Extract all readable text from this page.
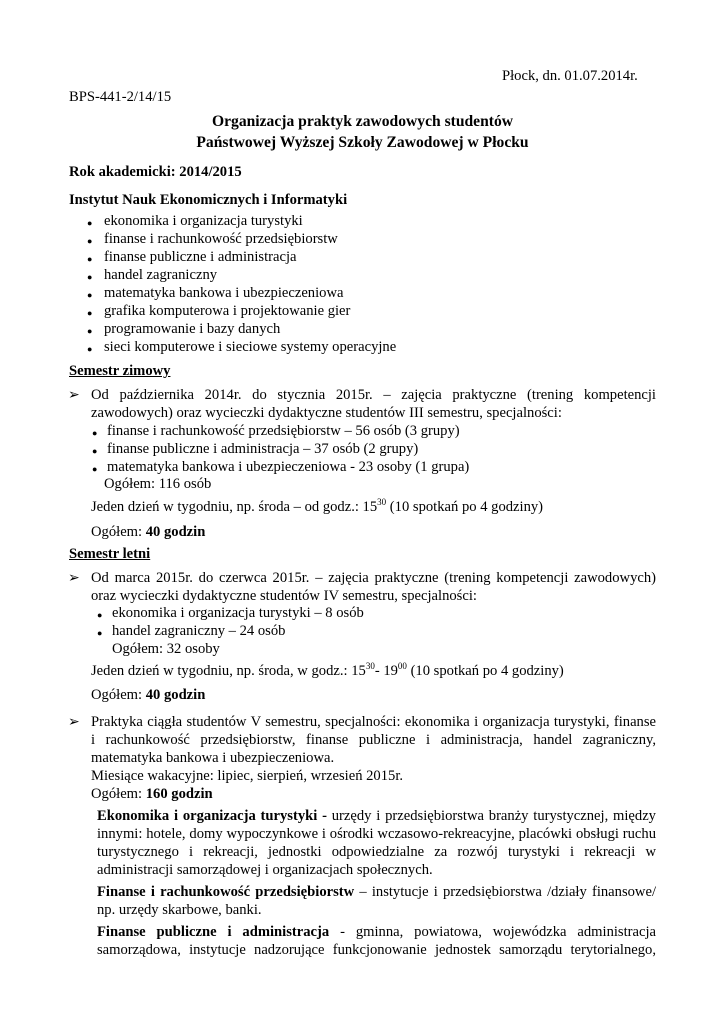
Płock, dn. 01.07.2014r.
BPS-441-2/14/15
Organizacja praktyk zawodowych studentów
Państwowej Wyższej Szkoły Zawodowej w Płocku
Rok akademicki: 2014/2015
Instytut Nauk Ekonomicznych i Informatyki
● ekonomika i organizacja turystyki
● finanse i rachunkowość przedsiębiorstw
● finanse publiczne i administracja
● handel zagraniczny
● matematyka bankowa i ubezpieczeniowa
● grafika komputerowa i projektowanie gier
● programowanie i bazy danych
● sieci komputerowe i sieciowe systemy operacyjne
Semestr zimowy
➢ Od października 2014r. do stycznia 2015r. – zajęcia praktyczne (trening kompetencji
zawodowych) oraz wycieczki dydaktyczne studentów III semestru, specjalności:
● finanse i rachunkowość przedsiębiorstw – 56 osób (3 grupy)
● finanse publiczne i administracja – 37 osób (2 grupy)
● matematyka bankowa i ubezpieczeniowa - 23 osoby (1 grupa)
Ogółem: 116 osób
Jeden dzień w tygodniu, np. środa – od godz.: $15^{30}$ (10 spotkań po 4 godziny)
Ogółem: 40 godzin
Semestr letni
➢ Od marca 2015r. do czerwca 2015r. – zajęcia praktyczne (trening kompetencji zawodowych)
oraz wycieczki dydaktyczne studentów IV semestru, specjalności:
● ekonomika i organizacja turystyki – 8 osób
● handel zagraniczny – 24 osób
Ogółem: 32 osoby
Jeden dzień w tygodniu, np. środa, w godz.: $15^{30}-$ $19^{00}$ (10 spotkań po 4 godziny)
Ogółem: 40 godzin
➢ Praktyka ciągła studentów V semestru, specjalności: ekonomika i organizacja turystyki, finanse
i rachunkowość przedsiębiorstw, finanse publiczne i administracja, handel zagraniczny,
matematyka bankowa i ubezpieczeniowa.
Miesiące wakacyjne: lipiec, sierpień, wrzesień 2015r.
Ogółem: 160 godzin
Ekonomika i organizacja turystyki - urzędy i przedsiębiorstwa branży turystycznej, między
innymi: hotele, domy wypoczynkowe i ośrodki wczasowo-rekreacyjne, placówki obsługi ruchu
turystycznego i rekreacji, jednostki odpowiedzialne za rozwój turystyki i rekreacji w
administracji samorządowej i organizacjach społecznych.
Finanse i rachunkowość przedsiębiorstw – instytucje i przedsiębiorstwa /działy finansowe/
np. urzędy skarbowe, banki.
Finanse publiczne i administracja - gminna, powiatowa, wojewódzka administracja
samorządowa, instytucje nadzorujące funkcjonowanie jednostek samorządu terytorialnego,
